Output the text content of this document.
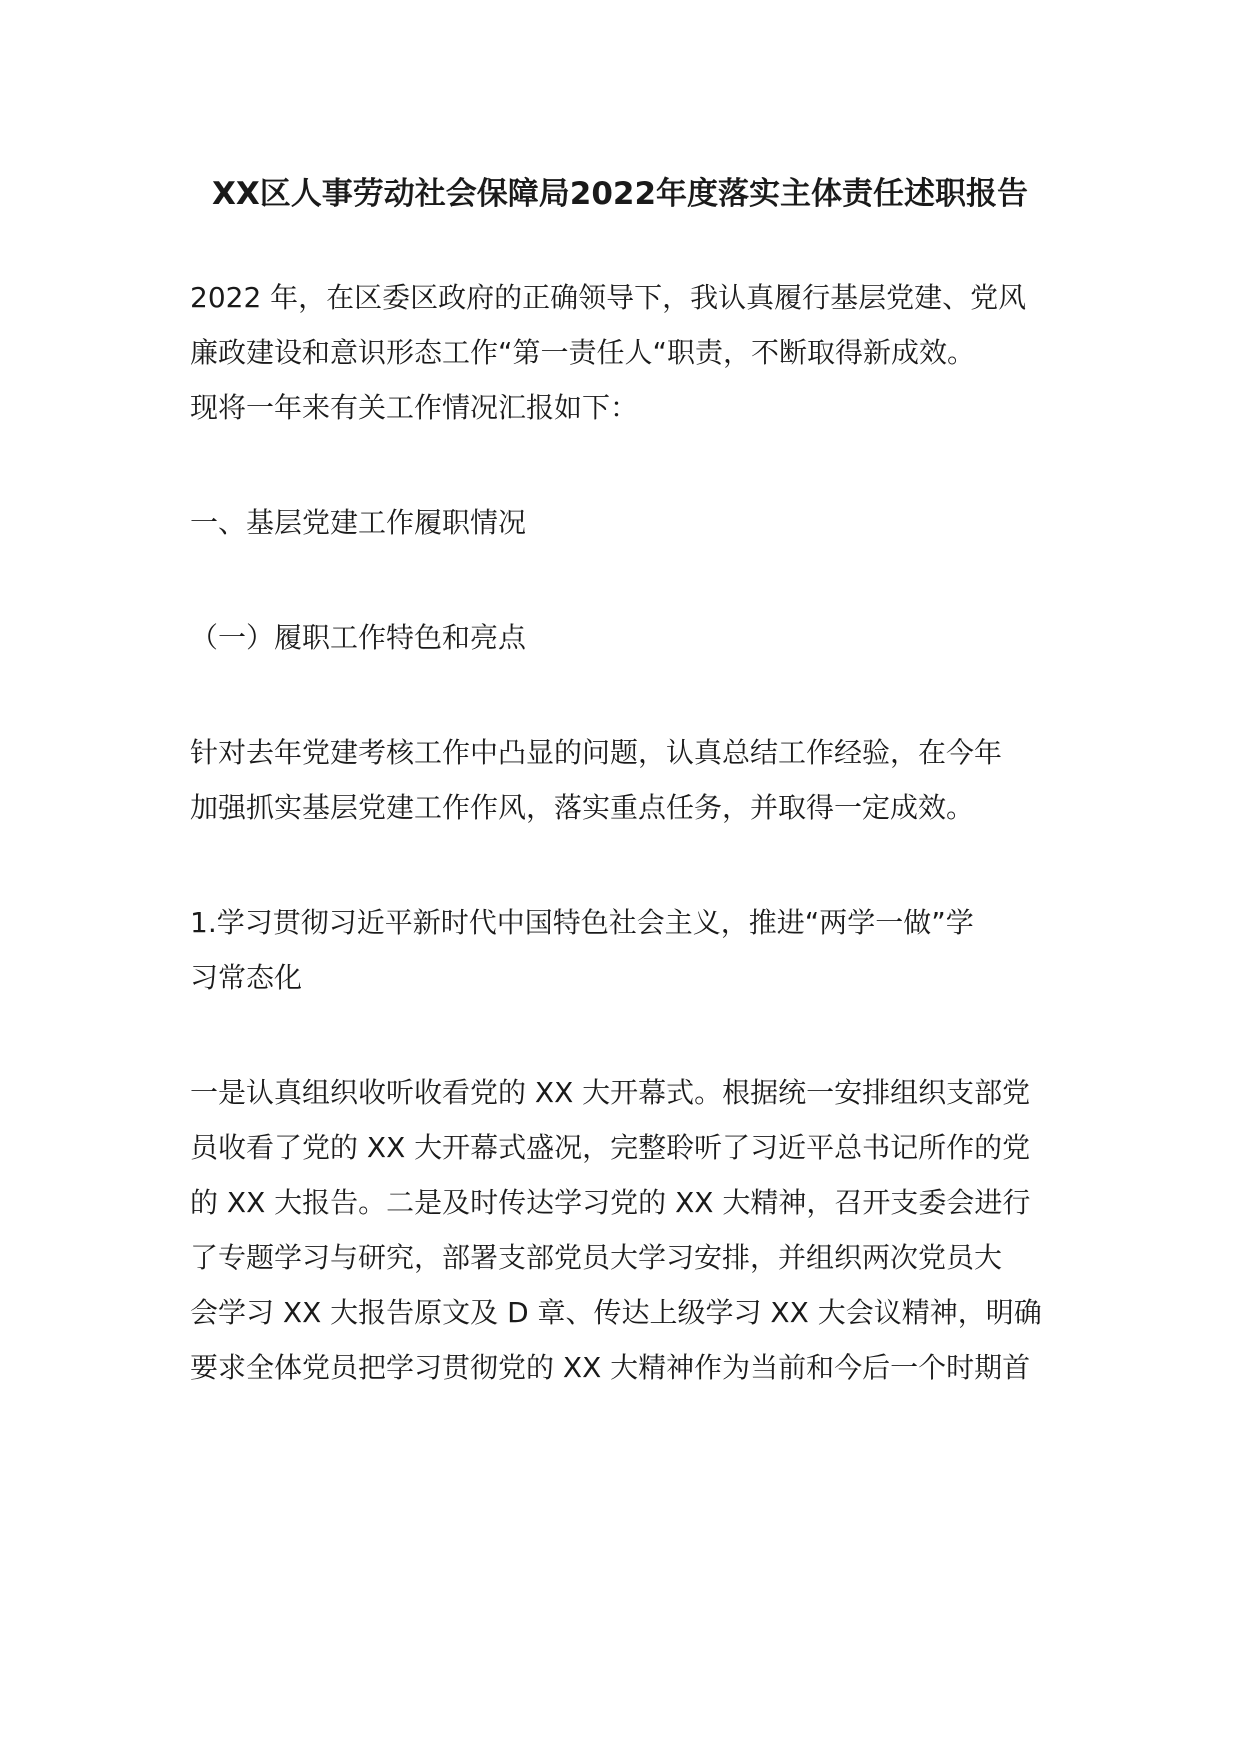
XX区人事劳动社会保障局2022年度落实主体责任述职报告
2022 年，在区委区政府的正确领导下，我认真履行基层党建、党风
廉政建设和意识形态工作“第一责任人“职责，不断取得新成效。
现将一年来有关工作情况汇报如下：
一、基层党建工作履职情况
（一）履职工作特色和亮点
针对去年党建考核工作中凸显的问题，认真总结工作经验，在今年
加强抓实基层党建工作作风，落实重点任务，并取得一定成效。
1.学习贯彻习近平新时代中国特色社会主义，推进“两学一做”学
习常态化
一是认真组织收听收看党的 XX 大开幕式。根据统一安排组织支部党
员收看了党的 XX 大开幕式盛况，完整聆听了习近平总书记所作的党
的 XX 大报告。二是及时传达学习党的 XX 大精神，召开支委会进行
了专题学习与研究，部署支部党员大学习安排，并组织两次党员大
会学习 XX 大报告原文及 D 章、传达上级学习 XX 大会议精神，明确
要求全体党员把学习贯彻党的 XX 大精神作为当前和今后一个时期首
